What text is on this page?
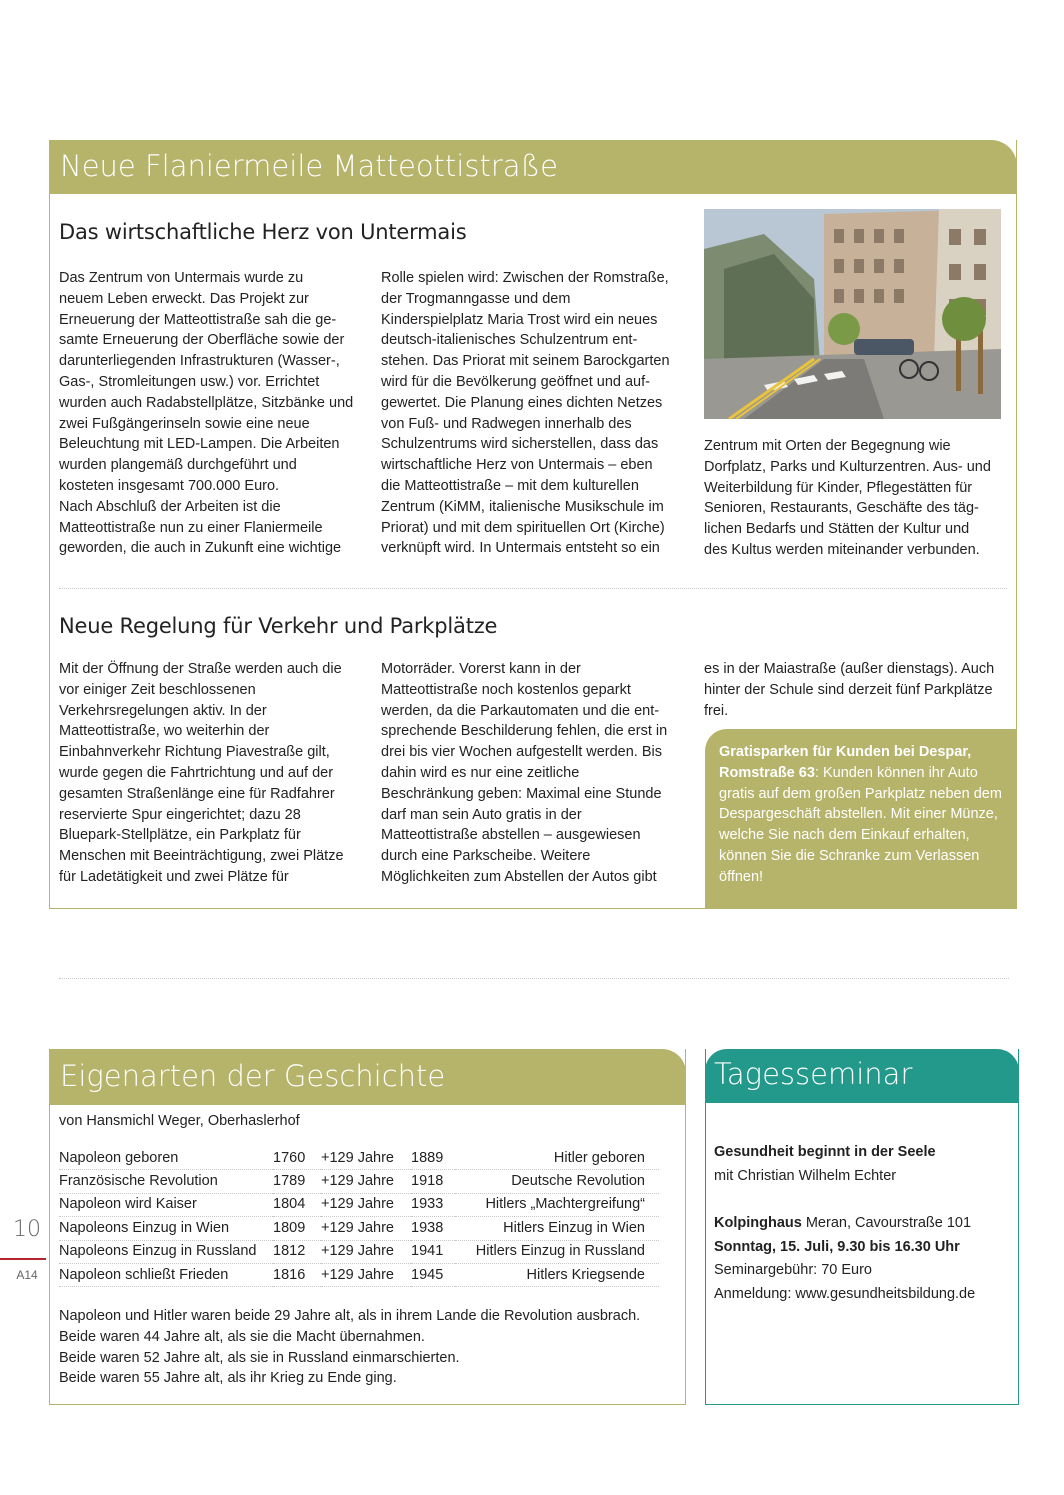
Neue Flaniermeile Matteottistraße
Das wirtschaftliche Herz von Untermais

Das Zentrum von Untermais wurde zu

neuem Leben erweckt. Das Projekt zur

Erneuerung der Matteottistraße sah die ge-

samte Erneuerung der Oberfläche sowie der

darunterliegenden Infrastrukturen (Wasser-,

Gas-, Stromleitungen usw.) vor. Errichtet

wurden auch Radabstellplätze, Sitzbänke und

zwei Fußgängerinseln sowie eine neue

Beleuchtung mit LED-Lampen. Die Arbeiten

wurden plangemäß durchgeführt und

kosteten insgesamt 700.000 Euro.

Nach Abschluß der Arbeiten ist die

Matteottistraße nun zu einer Flaniermeile

geworden, die auch in Zukunft eine wichtige

Rolle spielen wird: Zwischen der Romstraße,

der Trogmanngasse und dem

Kinderspielplatz Maria Trost wird ein neues

deutsch-italienisches Schulzentrum ent-

stehen. Das Priorat mit seinem Barockgarten

wird für die Bevölkerung geöffnet und auf-

gewertet. Die Planung eines dichten Netzes

von Fuß- und Radwegen innerhalb des

Schulzentrums wird sicherstellen, dass das

wirtschaftliche Herz von Untermais – eben

die Matteottistraße – mit dem kulturellen

Zentrum (KiMM, italienische Musikschule im

Priorat) und mit dem spirituellen Ort (Kirche)

verknüpft wird. In Untermais entsteht so ein

Zentrum mit Orten der Begegnung wie

Dorfplatz, Parks und Kulturzentren. Aus- und

Weiterbildung für Kinder, Pflegestätten für

Senioren, Restaurants, Geschäfte des täg-

lichen Bedarfs und Stätten der Kultur und

des Kultus werden miteinander verbunden.

Neue Regelung für Verkehr und Parkplätze

Mit der Öffnung der Straße werden auch die

vor einiger Zeit beschlossenen

Verkehrsregelungen aktiv. In der

Matteottistraße, wo weiterhin der

Einbahnverkehr Richtung Piavestraße gilt,

wurde gegen die Fahrtrichtung und auf der

gesamten Straßenlänge eine für Radfahrer

reservierte Spur eingerichtet; dazu 28

Bluepark-Stellplätze, ein Parkplatz für

Menschen mit Beeinträchtigung, zwei Plätze

für Ladetätigkeit und zwei Plätze für

Motorräder. Vorerst kann in der

Matteottistraße noch kostenlos geparkt

werden, da die Parkautomaten und die ent-

sprechende Beschilderung fehlen, die erst in

drei bis vier Wochen aufgestellt werden. Bis

dahin wird es nur eine zeitliche

Beschränkung geben: Maximal eine Stunde

darf man sein Auto gratis in der

Matteottistraße abstellen – ausgewiesen

durch eine Parkscheibe. Weitere

Möglichkeiten zum Abstellen der Autos gibt

es in der Maiastraße (außer dienstags). Auch

hinter der Schule sind derzeit fünf Parkplätze

frei.

Gratisparken für Kunden bei Despar, Romstraße 63: Kunden können ihr Auto gratis auf dem großen Parkplatz neben dem Despargeschäft abstellen. Mit einer Münze, welche Sie nach dem Einkauf erhalten, können Sie die Schranke zum Verlassen öffnen!
Eigenarten der Geschichte
von Hansmichl Weger, Oberhaslerhof
Napoleon geboren	1760	+129 Jahre	1889	Hitler geboren
Französische Revolution	1789	+129 Jahre	1918	Deutsche Revolution
Napoleon wird Kaiser	1804	+129 Jahre	1933	Hitlers „Machtergreifung“
Napoleons Einzug in Wien	1809	+129 Jahre	1938	Hitlers Einzug in Wien
Napoleons Einzug in Russland	1812	+129 Jahre	1941	Hitlers Einzug in Russland
Napoleon schließt Frieden	1816	+129 Jahre	1945	Hitlers Kriegsende

Napoleon und Hitler waren beide 29 Jahre alt, als in ihrem Lande die Revolution ausbrach.

Beide waren 44 Jahre alt, als sie die Macht übernahmen.

Beide waren 52 Jahre alt, als sie in Russland einmarschierten.

Beide waren 55 Jahre alt, als ihr Krieg zu Ende ging.

Tagesseminar

Gesundheit beginnt in der Seele

mit Christian Wilhelm Echter

Kolpinghaus Meran, Cavourstraße 101

Sonntag, 15. Juli, 9.30 bis 16.30 Uhr

Seminargebühr: 70 Euro

Anmeldung: www.gesundheitsbildung.de

10
A14
